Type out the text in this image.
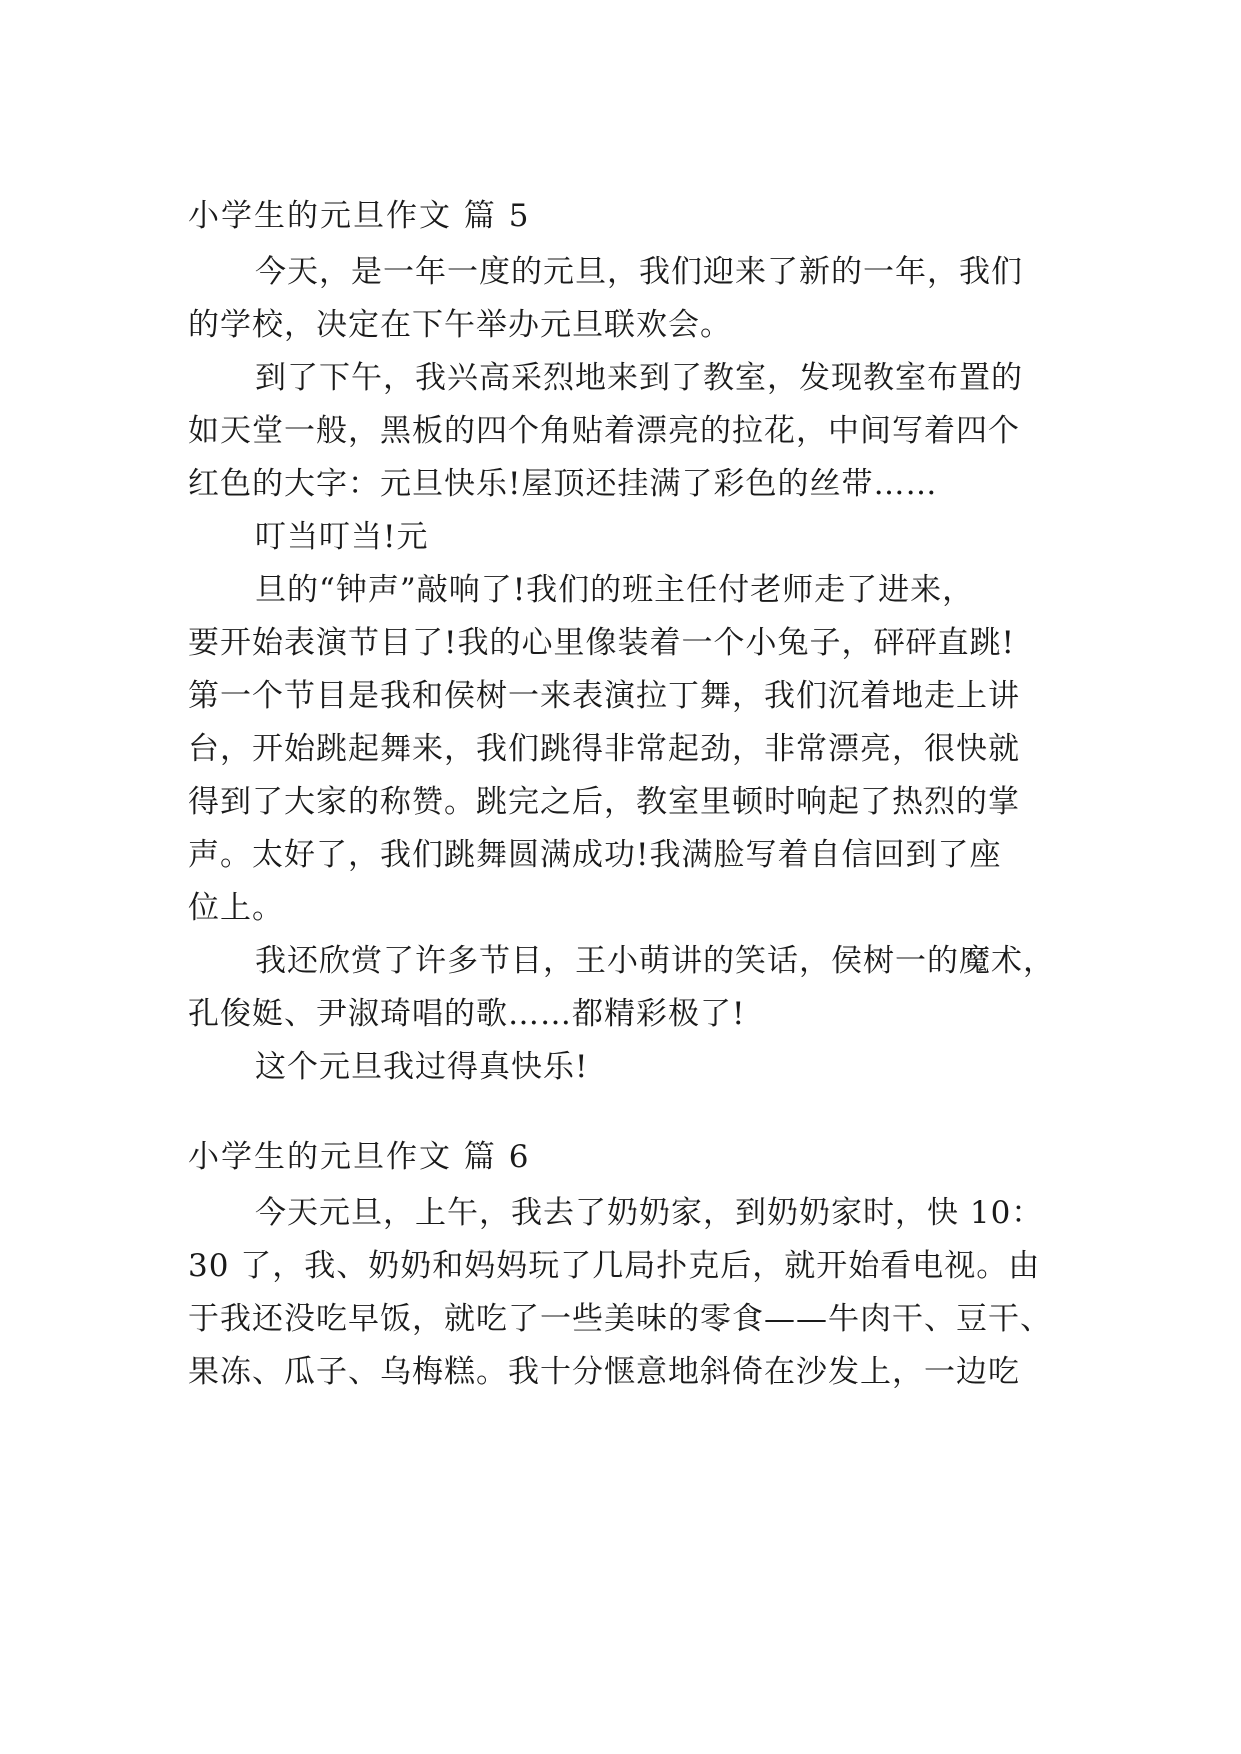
小学生的元旦作文 篇 5
今天，是一年一度的元旦，我们迎来了新的一年，我们
的学校，决定在下午举办元旦联欢会。
到了下午，我兴高采烈地来到了教室，发现教室布置的
如天堂一般，黑板的四个角贴着漂亮的拉花，中间写着四个
红色的大字：元旦快乐!屋顶还挂满了彩色的丝带……
叮当叮当!元
旦的“钟声”敲响了!我们的班主任付老师走了进来，
要开始表演节目了!我的心里像装着一个小兔子，砰砰直跳!
第一个节目是我和侯树一来表演拉丁舞，我们沉着地走上讲
台，开始跳起舞来，我们跳得非常起劲，非常漂亮，很快就
得到了大家的称赞。跳完之后，教室里顿时响起了热烈的掌
声。太好了，我们跳舞圆满成功!我满脸写着自信回到了座
位上。
我还欣赏了许多节目，王小萌讲的笑话，侯树一的魔术，
孔俊娗、尹淑琦唱的歌……都精彩极了!
这个元旦我过得真快乐!
小学生的元旦作文 篇 6
今天元旦，上午，我去了奶奶家，到奶奶家时，快 10：
30 了，我、奶奶和妈妈玩了几局扑克后，就开始看电视。由
于我还没吃早饭，就吃了一些美味的零食——牛肉干、豆干、
果冻、瓜子、乌梅糕。我十分惬意地斜倚在沙发上，一边吃
